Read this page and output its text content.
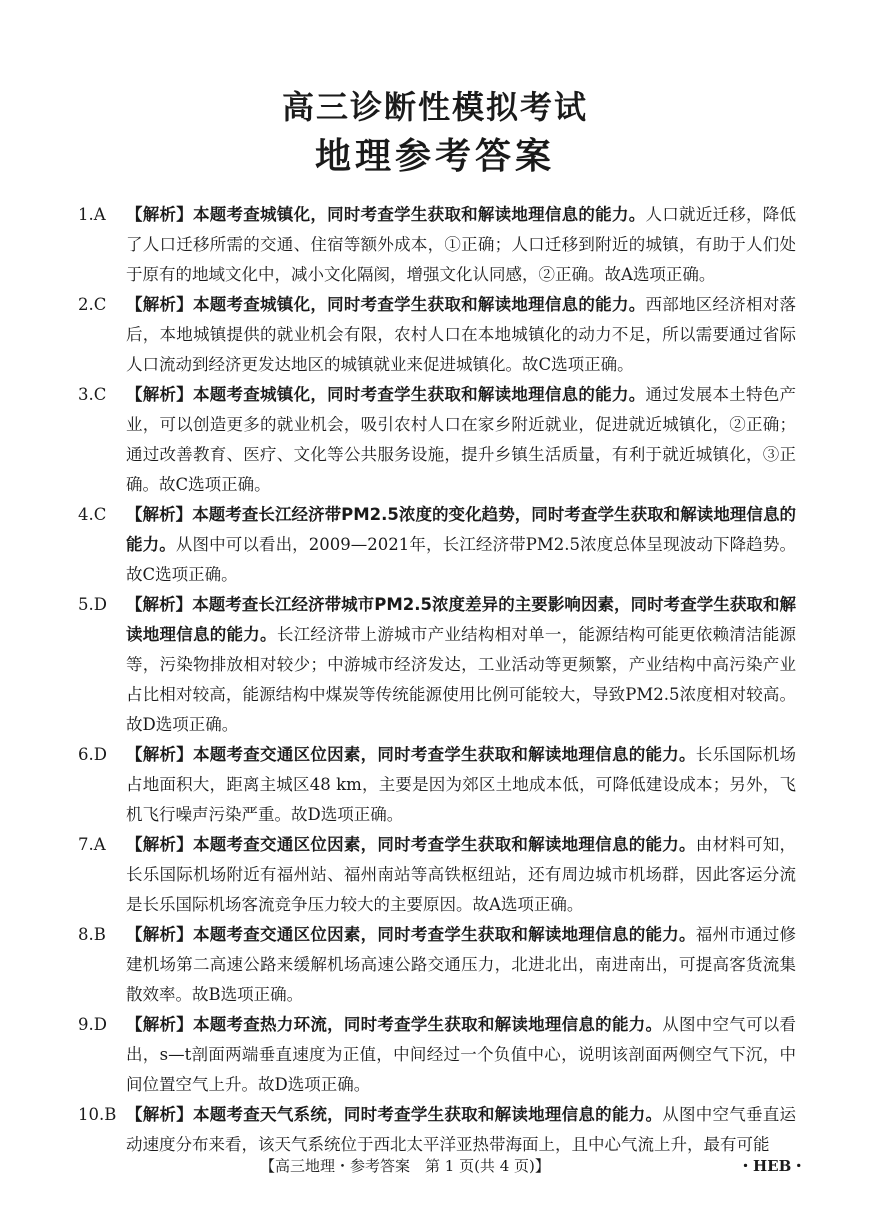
高三诊断性模拟考试
地理参考答案
1.A 【解析】本题考查城镇化，同时考查学生获取和解读地理信息的能力。人口就近迁移，降低了人口迁移所需的交通、住宿等额外成本，①正确；人口迁移到附近的城镇，有助于人们处于原有的地域文化中，减小文化隔阂，增强文化认同感，②正确。故A选项正确。
2.C 【解析】本题考查城镇化，同时考查学生获取和解读地理信息的能力。西部地区经济相对落后，本地城镇提供的就业机会有限，农村人口在本地城镇化的动力不足，所以需要通过省际人口流动到经济更发达地区的城镇就业来促进城镇化。故C选项正确。
3.C 【解析】本题考查城镇化，同时考查学生获取和解读地理信息的能力。通过发展本土特色产业，可以创造更多的就业机会，吸引农村人口在家乡附近就业，促进就近城镇化，②正确；通过改善教育、医疗、文化等公共服务设施，提升乡镇生活质量，有利于就近城镇化，③正确。故C选项正确。
4.C 【解析】本题考查长江经济带PM2.5浓度的变化趋势，同时考查学生获取和解读地理信息的能力。从图中可以看出，2009—2021年，长江经济带PM2.5浓度总体呈现波动下降趋势。故C选项正确。
5.D 【解析】本题考查长江经济带城市PM2.5浓度差异的主要影响因素，同时考查学生获取和解读地理信息的能力。长江经济带上游城市产业结构相对单一，能源结构可能更依赖清洁能源等，污染物排放相对较少；中游城市经济发达，工业活动等更频繁，产业结构中高污染产业占比相对较高，能源结构中煤炭等传统能源使用比例可能较大，导致PM2.5浓度相对较高。故D选项正确。
6.D 【解析】本题考查交通区位因素，同时考查学生获取和解读地理信息的能力。长乐国际机场占地面积大，距离主城区48 km，主要是因为郊区土地成本低，可降低建设成本；另外，飞机飞行噪声污染严重。故D选项正确。
7.A 【解析】本题考查交通区位因素，同时考查学生获取和解读地理信息的能力。由材料可知，长乐国际机场附近有福州站、福州南站等高铁枢纽站，还有周边城市机场群，因此客运分流是长乐国际机场客流竞争压力较大的主要原因。故A选项正确。
8.B 【解析】本题考查交通区位因素，同时考查学生获取和解读地理信息的能力。福州市通过修建机场第二高速公路来缓解机场高速公路交通压力，北进北出，南进南出，可提高客货流集散效率。故B选项正确。
9.D 【解析】本题考查热力环流，同时考查学生获取和解读地理信息的能力。从图中空气可以看出，s—t剖面两端垂直速度为正值，中间经过一个负值中心，说明该剖面两侧空气下沉，中间位置空气上升。故D选项正确。
10.B 【解析】本题考查天气系统，同时考查学生获取和解读地理信息的能力。从图中空气垂直运动速度分布来看，该天气系统位于西北太平洋亚热带海面上，且中心气流上升，最有可能
【高三地理・参考答案　第 1 页(共 4 页)】	・HEB・
